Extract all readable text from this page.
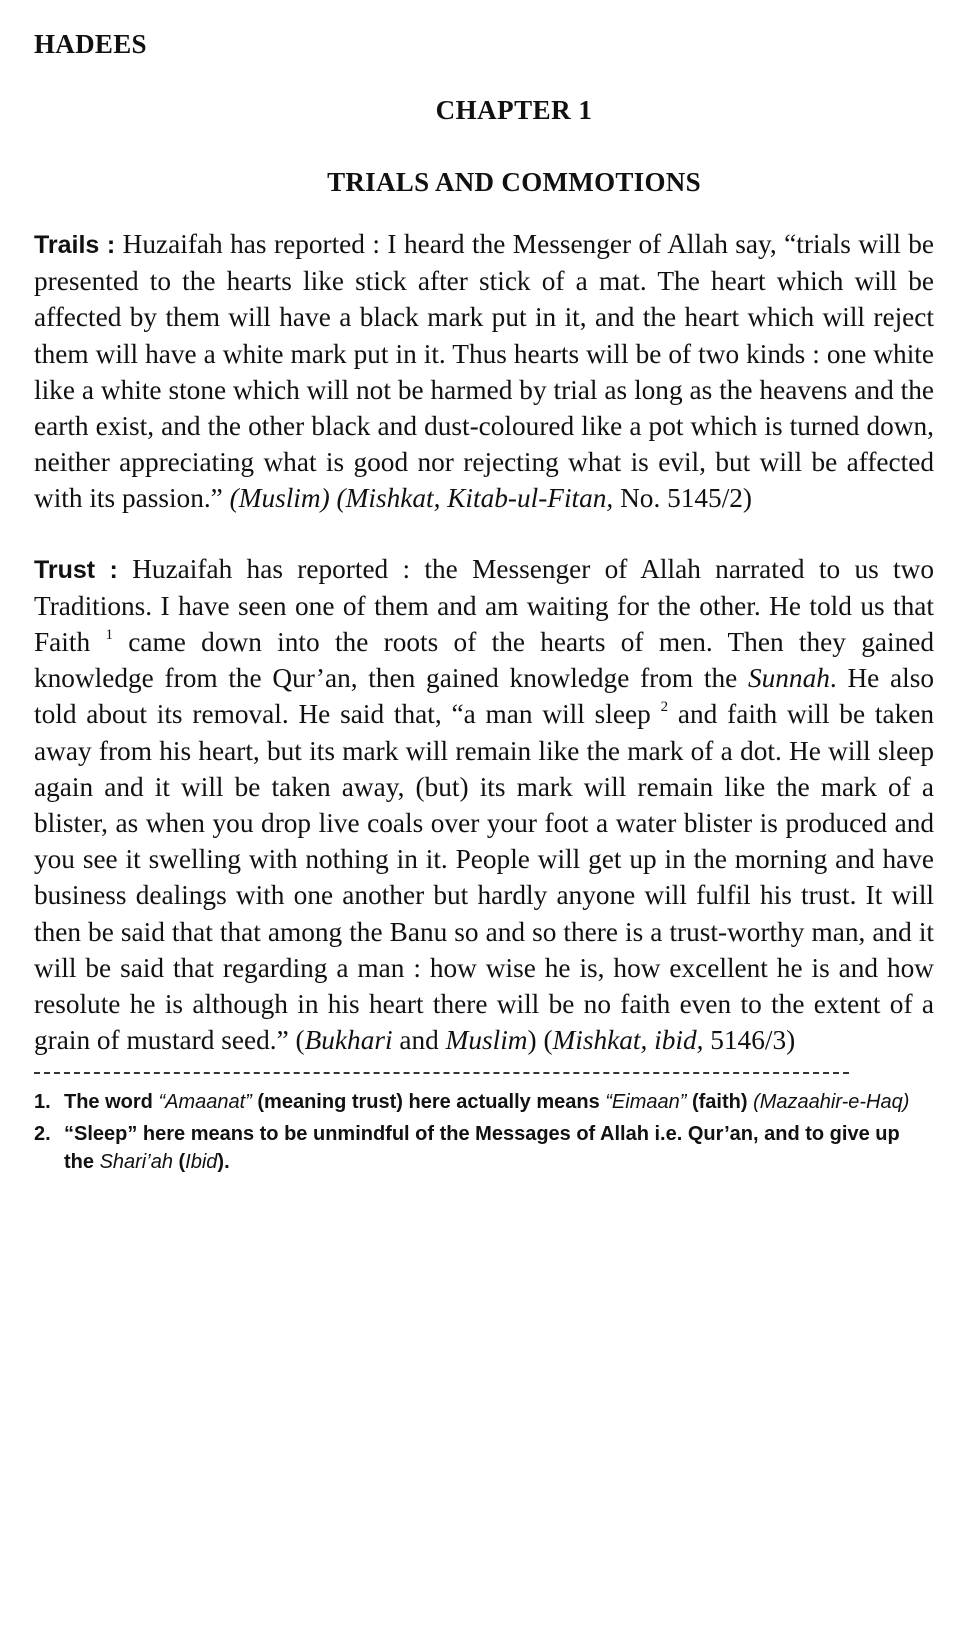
HADEES
CHAPTER 1
TRIALS AND COMMOTIONS

Trails : Huzaifah has reported : I heard the Messenger of Allah say, “trials will be presented to the hearts like stick after stick of a mat. The heart which will be affected by them will have a black mark put in it, and the heart which will reject them will have a white mark put in it. Thus hearts will be of two kinds : one white like a white stone which will not be harmed by trial as long as the heavens and the earth exist, and the other black and dust-coloured like a pot which is turned down, neither appreciating what is good nor rejecting what is evil, but will be affected with its passion.” (Muslim) (Mishkat, Kitab-ul-Fitan, No. 5145/2)

Trust : Huzaifah has reported : the Messenger of Allah narrated to us two Traditions. I have seen one of them and am waiting for the other. He told us that Faith $^1$ came down into the roots of the hearts of men. Then they gained knowledge from the Qur’an, then gained knowledge from the Sunnah. He also told about its removal. He said that, “a man will sleep $^2$ and faith will be taken away from his heart, but its mark will remain like the mark of a dot. He will sleep again and it will be taken away, (but) its mark will remain like the mark of a blister, as when you drop live coals over your foot a water blister is produced and you see it swelling with nothing in it. People will get up in the morning and have business dealings with one another but hardly anyone will fulfil his trust. It will then be said that that among the Banu so and so there is a trust-worthy man, and it will be said that regarding a man : how wise he is, how excellent he is and how resolute he is although in his heart there will be no faith even to the extent of a grain of mustard seed.” (Bukhari and Muslim) (Mishkat, ibid, 5146/3)

1. The word “Amaanat” (meaning trust) here actually means “Eimaan” (faith) (Mazaahir-e-Haq)
2. “Sleep” here means to be unmindful of the Messages of Allah i.e. Qur’an, and to give up the Shari’ah (Ibid).
